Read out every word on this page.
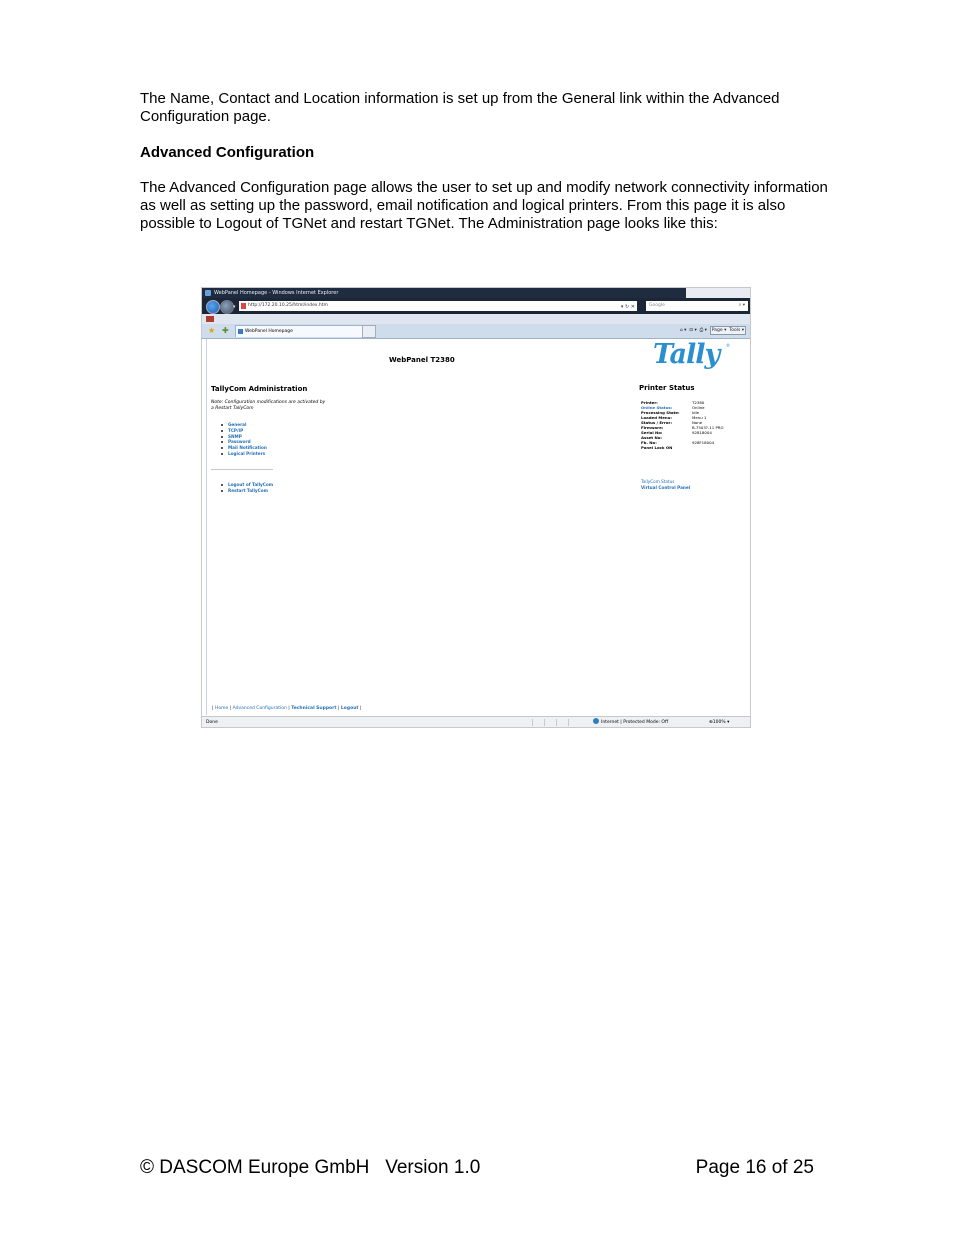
The Name, Contact and Location information is set up from the General link within the Advanced Configuration page.

Advanced Configuration

The Advanced Configuration page allows the user to set up and modify network connectivity information as well as setting up the password, email notification and logical printers. From this page it is also possible to Logout of TGNet and restart TGNet. The Administration page looks like this:

WebPanel Homepage - Windows Internet Explorer
▾	http://172.20.10.25/html/index.htm	▾ ↻ ✕	Google	⌕ ▾
★ ✚	WebPanel Homepage	⌂ ▾  ⊡ ▾  ⎙ ▾  Page ▾  Tools ▾
WebPanel T2380	Tally ®
TallyCom Administration
Note: Configuration modifications are activated by
a Restart TallyCom
General
TCP/IP
SNMP
Password
Mail Notification
Logical Printers
Logout of TallyCom
Restart TallyCom
Printer Status
Printer:	T2380
Online Status:	Online
Processing State:	Idle
Loaded Menu:	Menu 1
Status / Error:	None
Firmware:	B.7503?-11 PRG
Serial No:	92818004
Asset No:
Fb. No:	928F18004
Panel Lock ON
TallyCom Status
Virtual Control Panel
| Home | Advanced Configuration | Technical Support | Logout |
Done	Internet | Protected Mode: Off	⊕100% ▾
© DASCOM Europe GmbH   Version 1.0	Page 16 of 25
